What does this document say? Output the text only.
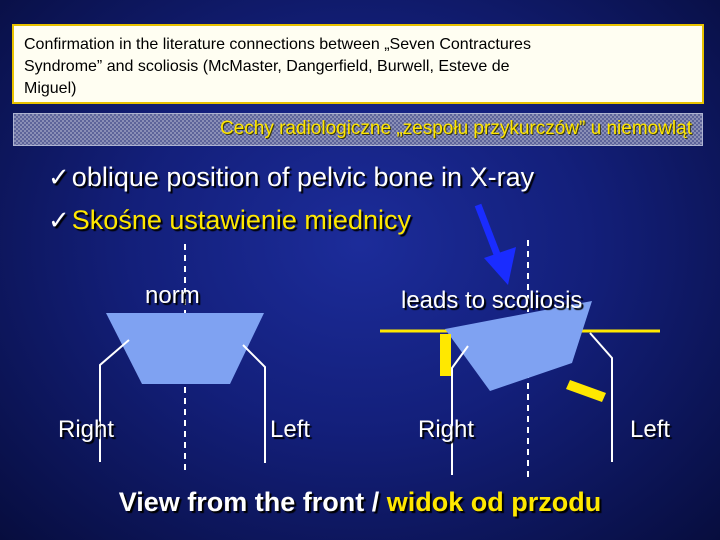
Confirmation in the literature connections between „Seven Contractures
Syndrome” and scoliosis (McMaster, Dangerfield, Burwell, Esteve de
Miguel)
Cechy radiologiczne „zespołu przykurczów” u niemowląt
✓oblique position of pelvic bone in X-ray
✓Skośne ustawienie miednicy
norm
Right	Left
leads to scoliosis
Right	Left
View from the front / widok od przodu
